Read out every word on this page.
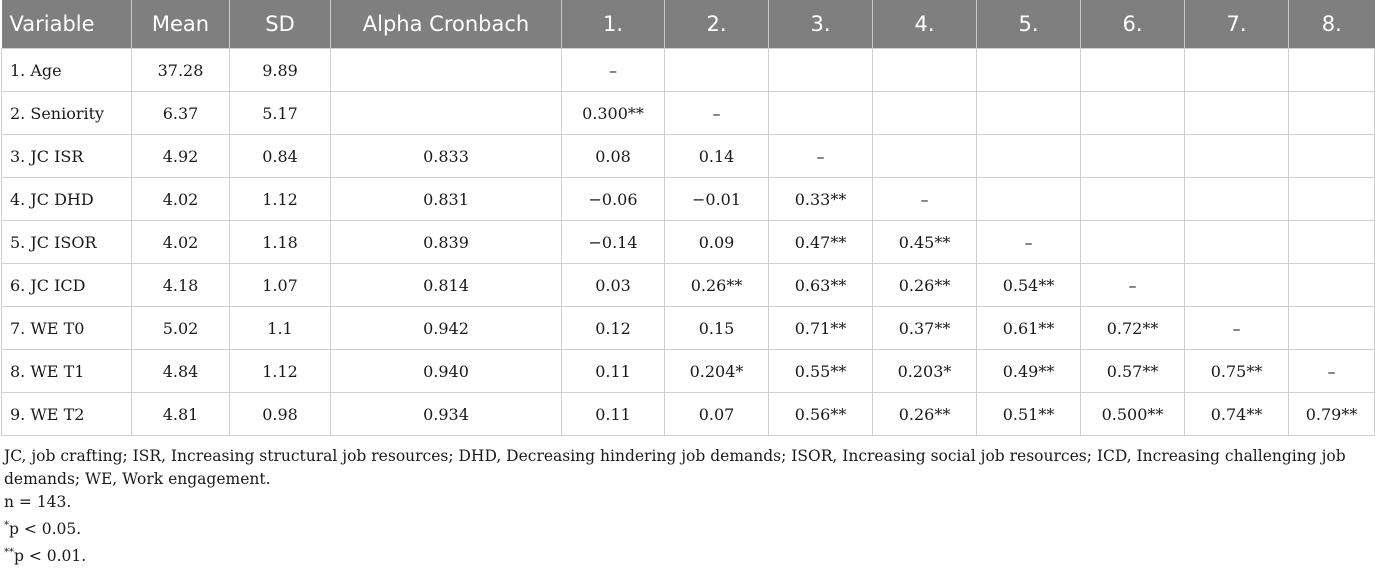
Variable	Mean	SD	Alpha Cronbach	1.	2.	3.	4.	5.	6.	7.	8.
1. Age	37.28	9.89		–							
2. Seniority	6.37	5.17		0.300**	–						
3. JC ISR	4.92	0.84	0.833	0.08	0.14	–					
4. JC DHD	4.02	1.12	0.831	−0.06	−0.01	0.33**	–				
5. JC ISOR	4.02	1.18	0.839	−0.14	0.09	0.47**	0.45**	–			
6. JC ICD	4.18	1.07	0.814	0.03	0.26**	0.63**	0.26**	0.54**	–		
7. WE T0	5.02	1.1	0.942	0.12	0.15	0.71**	0.37**	0.61**	0.72**	–	
8. WE T1	4.84	1.12	0.940	0.11	0.204*	0.55**	0.203*	0.49**	0.57**	0.75**	–
9. WE T2	4.81	0.98	0.934	0.11	0.07	0.56**	0.26**	0.51**	0.500**	0.74**	0.79**

JC, job crafting; ISR, Increasing structural job resources; DHD, Decreasing hindering job demands; ISOR, Increasing social job resources; ICD, Increasing challenging job demands; WE, Work engagement.

n = 143.

*p < 0.05.

**p < 0.01.
